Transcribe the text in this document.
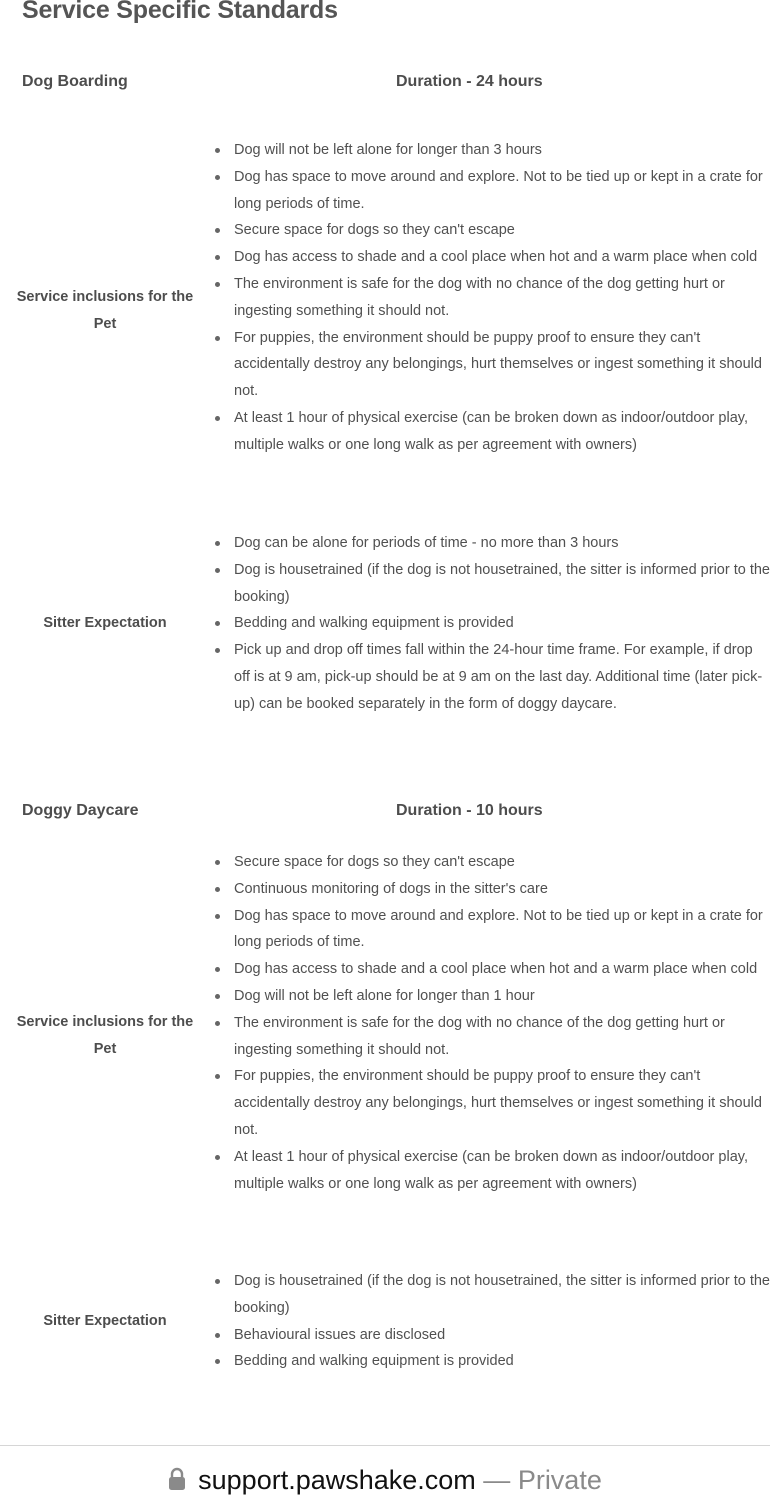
Service Specific Standards
Dog Boarding	Duration - 24 hours
Service inclusions for the Pet
Dog will not be left alone for longer than 3 hours
Dog has space to move around and explore. Not to be tied up or kept in a crate for long periods of time.
Secure space for dogs so they can't escape
Dog has access to shade and a cool place when hot and a warm place when cold
The environment is safe for the dog with no chance of the dog getting hurt or ingesting something it should not.
For puppies, the environment should be puppy proof to ensure they can't accidentally destroy any belongings, hurt themselves or ingest something it should not.
At least 1 hour of physical exercise (can be broken down as indoor/outdoor play, multiple walks or one long walk as per agreement with owners)
Sitter Expectation
Dog can be alone for periods of time - no more than 3 hours
Dog is housetrained (if the dog is not housetrained, the sitter is informed prior to the booking)
Bedding and walking equipment is provided
Pick up and drop off times fall within the 24-hour time frame. For example, if drop off is at 9 am, pick-up should be at 9 am on the last day. Additional time (later pick-up) can be booked separately in the form of doggy daycare.
Doggy Daycare	Duration - 10 hours
Service inclusions for the Pet
Secure space for dogs so they can't escape
Continuous monitoring of dogs in the sitter's care
Dog has space to move around and explore. Not to be tied up or kept in a crate for long periods of time.
Dog has access to shade and a cool place when hot and a warm place when cold
Dog will not be left alone for longer than 1 hour
The environment is safe for the dog with no chance of the dog getting hurt or ingesting something it should not.
For puppies, the environment should be puppy proof to ensure they can't accidentally destroy any belongings, hurt themselves or ingest something it should not.
At least 1 hour of physical exercise (can be broken down as indoor/outdoor play, multiple walks or one long walk as per agreement with owners)
Sitter Expectation
Dog is housetrained (if the dog is not housetrained, the sitter is informed prior to the booking)
Behavioural issues are disclosed
Bedding and walking equipment is provided
support.pawshake.com — Private
